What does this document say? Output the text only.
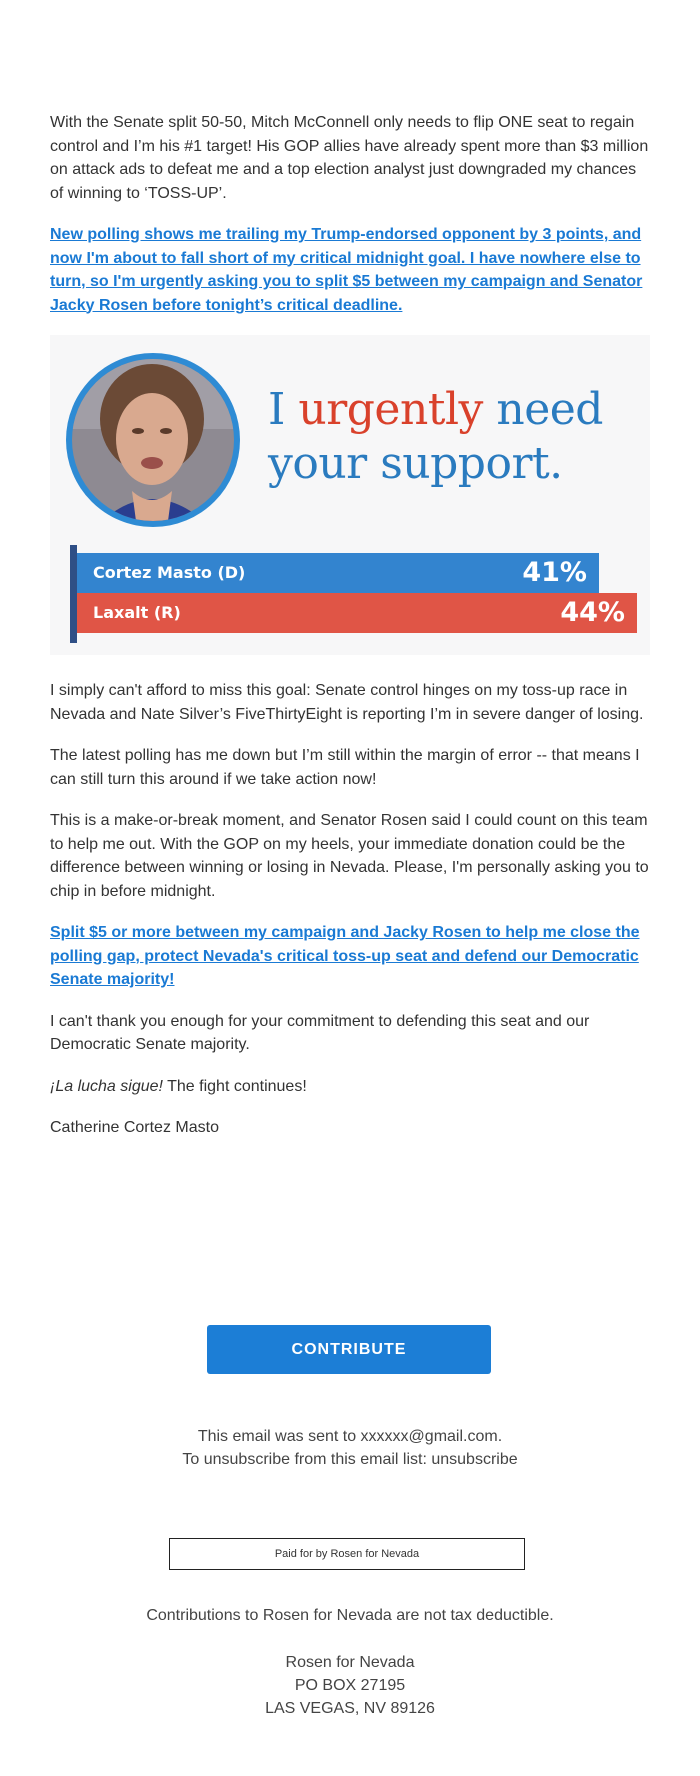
With the Senate split 50-50, Mitch McConnell only needs to flip ONE seat to regain control and I’m his #1 target! His GOP allies have already spent more than $3 million on attack ads to defeat me and a top election analyst just downgraded my chances of winning to ‘TOSS-UP’.

New polling shows me trailing my Trump-endorsed opponent by 3 points, and now I'm about to fall short of my critical midnight goal. I have nowhere else to turn, so I'm urgently asking you to split $5 between my campaign and Senator Jacky Rosen before tonight’s critical deadline.
I urgently need
your support.
Cortez Masto (D)	41%
Laxalt (R)	44%

I simply can't afford to miss this goal: Senate control hinges on my toss-up race in Nevada and Nate Silver’s FiveThirtyEight is reporting I’m in severe danger of losing.

The latest polling has me down but I’m still within the margin of error -- that means I can still turn this around if we take action now!

This is a make-or-break moment, and Senator Rosen said I could count on this team to help me out. With the GOP on my heels, your immediate donation could be the difference between winning or losing in Nevada. Please, I'm personally asking you to chip in before midnight.

Split $5 or more between my campaign and Jacky Rosen to help me close the polling gap, protect Nevada's critical toss-up seat and defend our Democratic Senate majority!

I can't thank you enough for your commitment to defending this seat and our Democratic Senate majority.

¡La lucha sigue! The fight continues!

Catherine Cortez Masto

CONTRIBUTE
This email was sent to xxxxxx@gmail.com.
To unsubscribe from this email list: unsubscribe
Paid for by Rosen for Nevada
Contributions to Rosen for Nevada are not tax deductible.
Rosen for Nevada
PO BOX 27195
LAS VEGAS, NV 89126
